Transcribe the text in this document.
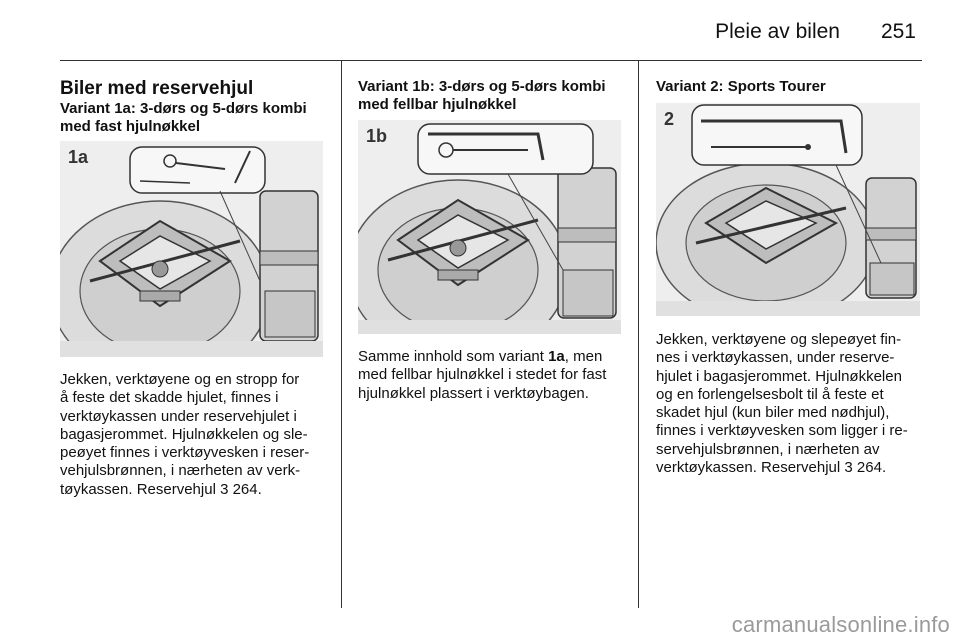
Pleie av bilen 251
Biler med reservehjul
Variant 1a: 3-dørs og 5-dørs kombi
med fast hjulnøkkel
1a
Jekken, verktøyene og en stropp for
å feste det skadde hjulet, finnes i
verktøykassen under reservehjulet i
bagasjerommet. Hjulnøkkelen og sle-
peøyet finnes i verktøyvesken i reser-
vehjulsbrønnen, i nærheten av verk-
tøykassen. Reservehjul 3 264.
Variant 1b: 3-dørs og 5-dørs kombi
med fellbar hjulnøkkel
1b
Samme innhold som variant 1a, men
med fellbar hjulnøkkel i stedet for fast
hjulnøkkel plassert i verktøybagen.
Variant 2: Sports Tourer
2
Jekken, verktøyene og slepeøyet fin-
nes i verktøykassen, under reserve-
hjulet i bagasjerommet. Hjulnøkkelen
og en forlengelsesbolt til å feste et
skadet hjul (kun biler med nødhjul),
finnes i verktøyvesken som ligger i re-
servehjulsbrønnen, i nærheten av
verktøykassen. Reservehjul 3 264.
carmanualsonline.info
